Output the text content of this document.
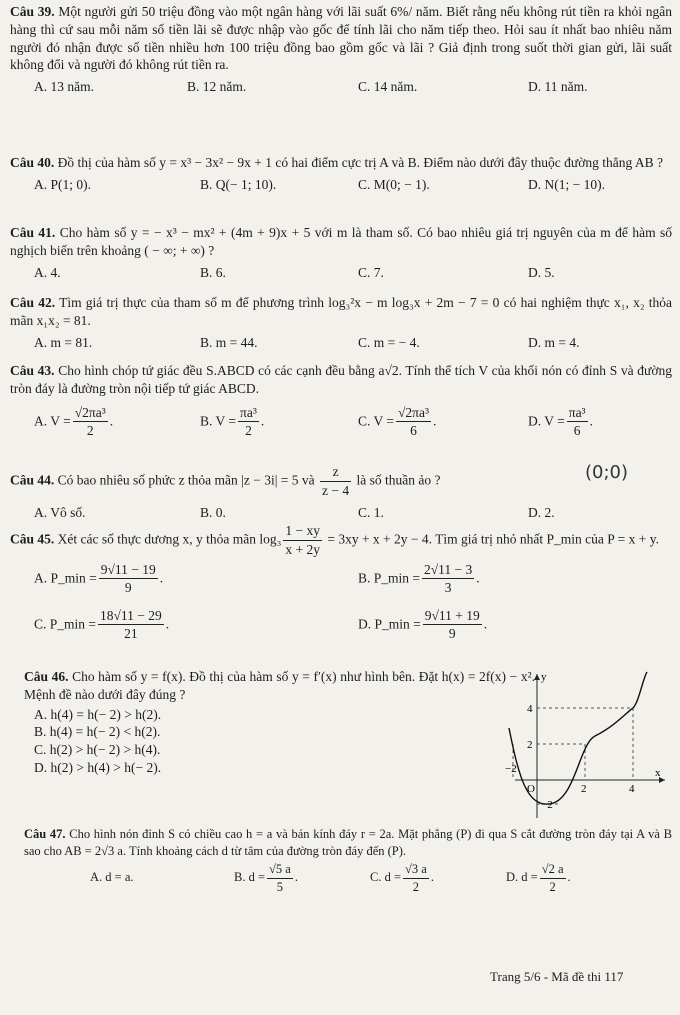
Câu 39. Một người gửi 50 triệu đồng vào một ngân hàng với lãi suất 6%/ năm. Biết rằng nếu không rút tiền ra khỏi ngân hàng thì cứ sau mỗi năm số tiền lãi sẽ được nhập vào gốc để tính lãi cho năm tiếp theo. Hỏi sau ít nhất bao nhiêu năm người đó nhận được số tiền nhiều hơn 100 triệu đồng bao gồm gốc và lãi ? Giả định trong suốt thời gian gửi, lãi suất không đổi và người đó không rút tiền ra.

A. 13 năm.	B. 12 năm.	C. 14 năm.	D. 11 năm.

Câu 40. Đồ thị của hàm số y = x³ − 3x² − 9x + 1 có hai điểm cực trị A và B. Điểm nào dưới đây thuộc đường thẳng AB ?

A. P(1; 0).	B. Q(− 1; 10).	C. M(0; − 1).	D. N(1; − 10).

Câu 41. Cho hàm số y = − x³ − mx² + (4m + 9)x + 5 với m là tham số. Có bao nhiêu giá trị nguyên của m để hàm số nghịch biến trên khoảng ( − ∞; + ∞) ?

A. 4.	B. 6.	C. 7.	D. 5.

Câu 42. Tìm giá trị thực của tham số m để phương trình log₃²x − m log₃x + 2m − 7 = 0 có hai nghiệm thực x₁, x₂ thỏa mãn x₁x₂ = 81.

A. m = 81.	B. m = 44.	C. m = − 4.	D. m = 4.

Câu 43. Cho hình chóp tứ giác đều S.ABCD có các cạnh đều bằng a√2. Tính thể tích V của khối nón có đỉnh S và đường tròn đáy là đường tròn nội tiếp tứ giác ABCD.

A. $V = \frac{\text{√2πa³}}{2}$ .	B. $V = \frac{\text{πa³}}{2}$ .	C. $V = \frac{\text{√2πa³}}{6}$ .	D. $V = \frac{\text{πa³}}{6}$ .

Câu 44. Có bao nhiêu số phức z thỏa mãn |z − 3i| = 5 và $\frac{z}{z - 4}$ là số thuần ảo ?	(0;0)

A. Vô số.	B. 0.	C. 1.	D. 2.

Câu 45. Xét các số thực dương x, y thỏa mãn $\log_3 \frac{1 - xy}{x + 2y} = 3xy + x + 2y - 4$. Tìm giá trị nhỏ nhất P_min của P = x + y.

A. P_min = $\frac{9√11 - 19}{9}$ .	B. P_min = $\frac{2√11 - 3}{3}$ .
C. P_min = $\frac{18√11 - 29}{21}$ .	D. P_min = $\frac{9√11 + 19}{9}$ .

Câu 46. Cho hàm số y = f(x). Đồ thị của hàm số y = f′(x) như hình bên. Đặt h(x) = 2f(x) − x². Mệnh đề nào dưới đây đúng ?

A. h(4) = h(− 2) > h(2).
B. h(4) = h(− 2) < h(2).
C. h(2) > h(− 2) > h(4).
D. h(2) > h(4) > h(− 2).
y
x
O
4
2
−2
2	4
−2

Câu 47. Cho hình nón đỉnh S có chiều cao h = a và bán kính đáy r = 2a. Mặt phẳng (P) đi qua S cắt đường tròn đáy tại A và B sao cho AB = 2√3 a. Tính khoảng cách d từ tâm của đường tròn đáy đến (P).

A. d = a.	B. $d = \frac{√5 a}{5}$ .	C. $d = \frac{√3 a}{2}$ .	D. $d = \frac{√2 a}{2}$ .
Trang 5/6 - Mã đề thi 117
